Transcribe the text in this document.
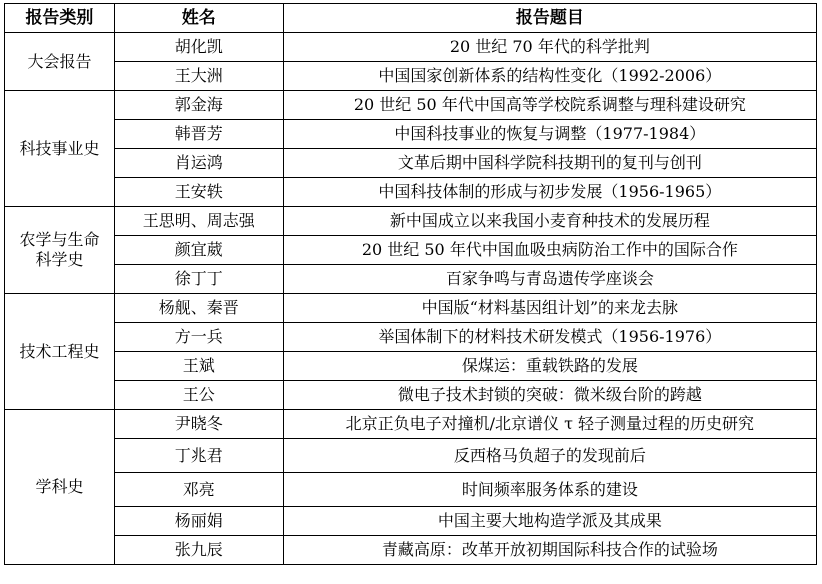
报告类别	姓名	报告题目
大会报告	胡化凯	20 世纪 70 年代的科学批判
	王大洲	中国国家创新体系的结构性变化（1992-2006）
科技事业史	郭金海	20 世纪 50 年代中国高等学校院系调整与理科建设研究
	韩晋芳	中国科技事业的恢复与调整（1977-1984）
	肖运鸿	文革后期中国科学院科技期刊的复刊与创刊
	王安轶	中国科技体制的形成与初步发展（1956-1965）
农学与生命科学史	王思明、周志强	新中国成立以来我国小麦育种技术的发展历程
	颜宜葳	20 世纪 50 年代中国血吸虫病防治工作中的国际合作
	徐丁丁	百家争鸣与青岛遗传学座谈会
技术工程史	杨舰、秦晋	中国版“材料基因组计划”的来龙去脉
	方一兵	举国体制下的材料技术研发模式（1956-1976）
	王斌	保煤运：重载铁路的发展
	王公	微电子技术封锁的突破：微米级台阶的跨越
学科史	尹晓冬	北京正负电子对撞机/北京谱仪 τ 轻子测量过程的历史研究
	丁兆君	反西格马负超子的发现前后
	邓亮	时间频率服务体系的建设
	杨丽娟	中国主要大地构造学派及其成果
	张九辰	青藏高原：改革开放初期国际科技合作的试验场
